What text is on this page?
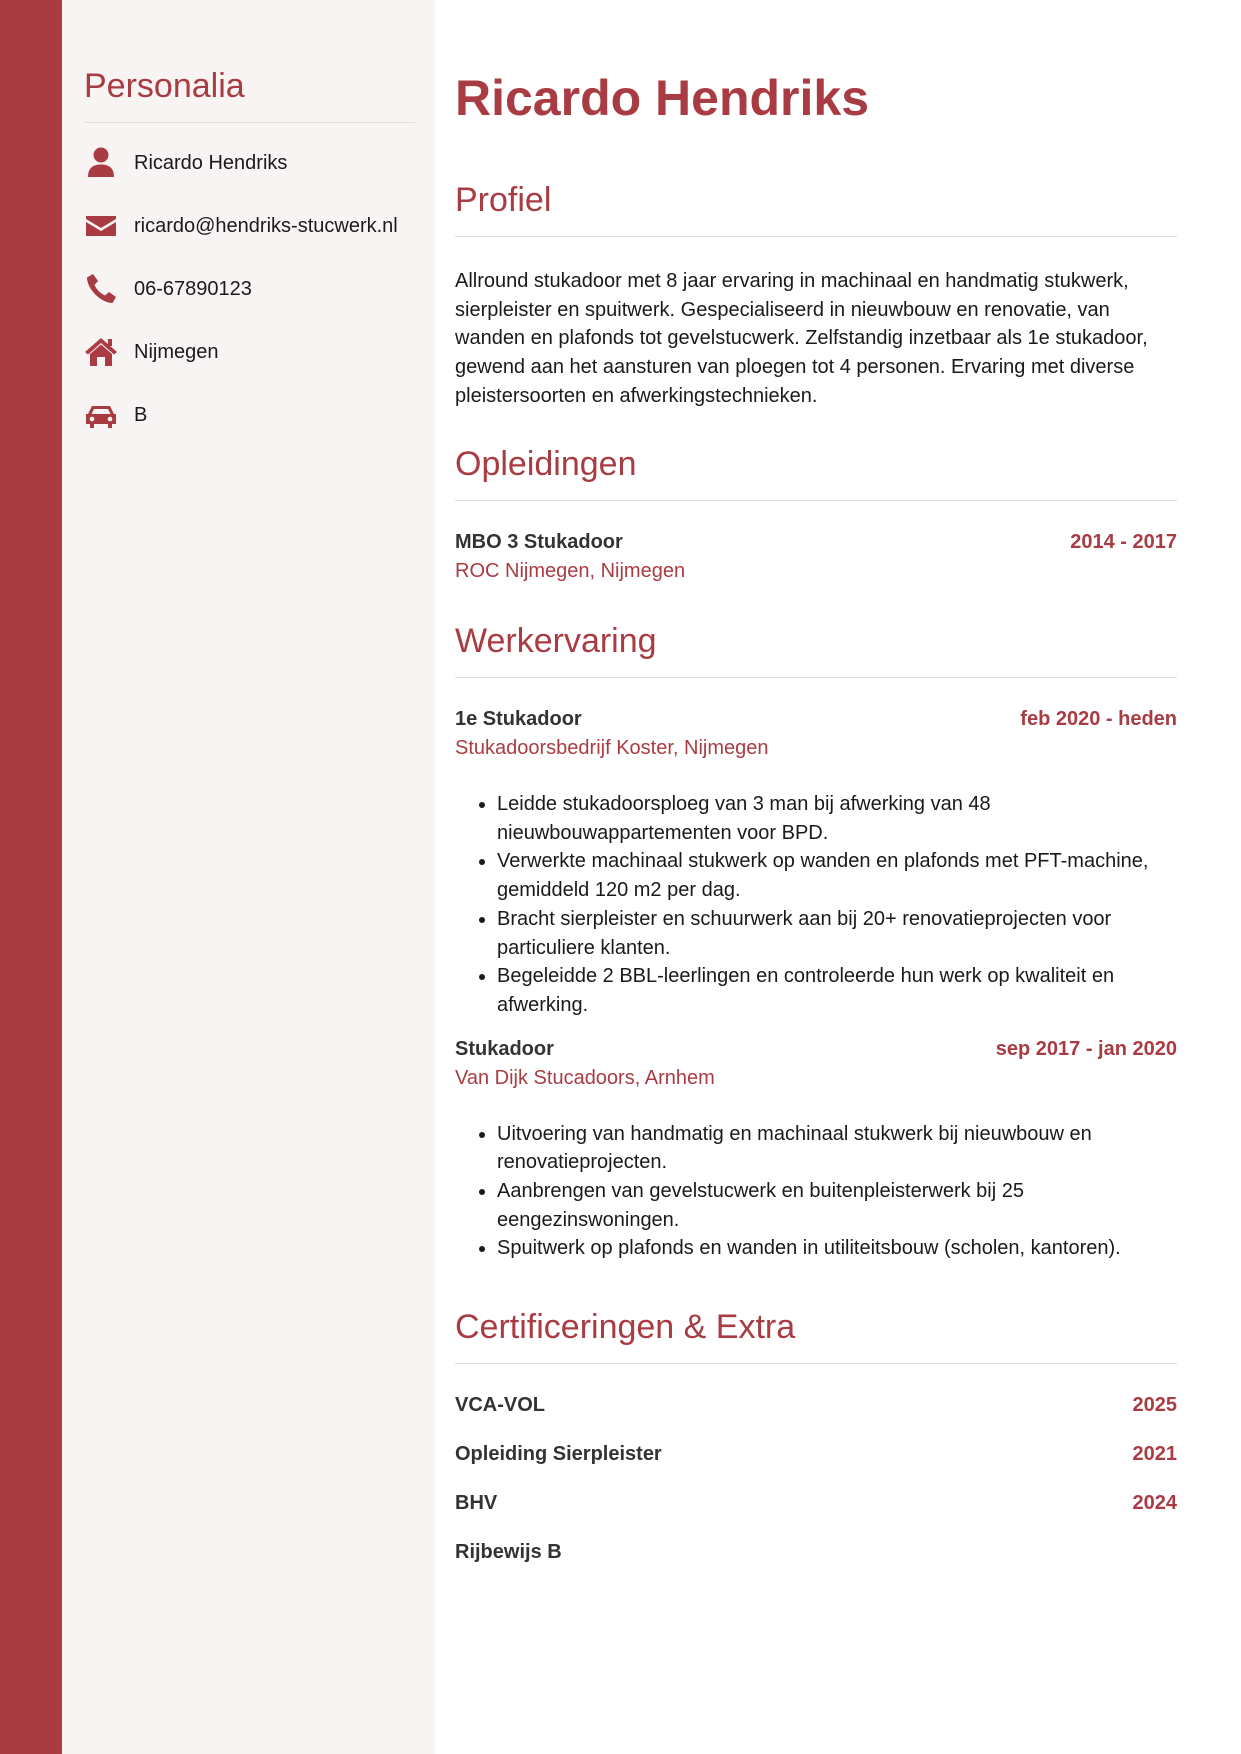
Personalia
Ricardo Hendriks
ricardo@hendriks-stucwerk.nl
06-67890123
Nijmegen
B
Ricardo Hendriks
Profiel

Allround stukadoor met 8 jaar ervaring in machinaal en handmatig stukwerk, sierpleister en spuitwerk. Gespecialiseerd in nieuwbouw en renovatie, van wanden en plafonds tot gevelstucwerk. Zelfstandig inzetbaar als 1e stukadoor, gewend aan het aansturen van ploegen tot 4 personen. Ervaring met diverse pleistersoorten en afwerkingstechnieken.

Opleidingen
MBO 3 Stukadoor	2014 - 2017
ROC Nijmegen, Nijmegen
Werkervaring
1e Stukadoor	feb 2020 - heden
Stukadoorsbedrijf Koster, Nijmegen
• Leidde stukadoorsploeg van 3 man bij afwerking van 48 nieuwbouwappartementen voor BPD.
• Verwerkte machinaal stukwerk op wanden en plafonds met PFT-machine, gemiddeld 120 m2 per dag.
• Bracht sierpleister en schuurwerk aan bij 20+ renovatieprojecten voor particuliere klanten.
• Begeleidde 2 BBL-leerlingen en controleerde hun werk op kwaliteit en afwerking.
Stukadoor	sep 2017 - jan 2020
Van Dijk Stucadoors, Arnhem
• Uitvoering van handmatig en machinaal stukwerk bij nieuwbouw en renovatieprojecten.
• Aanbrengen van gevelstucwerk en buitenpleisterwerk bij 25 eengezinswoningen.
• Spuitwerk op plafonds en wanden in utiliteitsbouw (scholen, kantoren).
Certificeringen & Extra
VCA-VOL	2025
Opleiding Sierpleister	2021
BHV	2024
Rijbewijs B
